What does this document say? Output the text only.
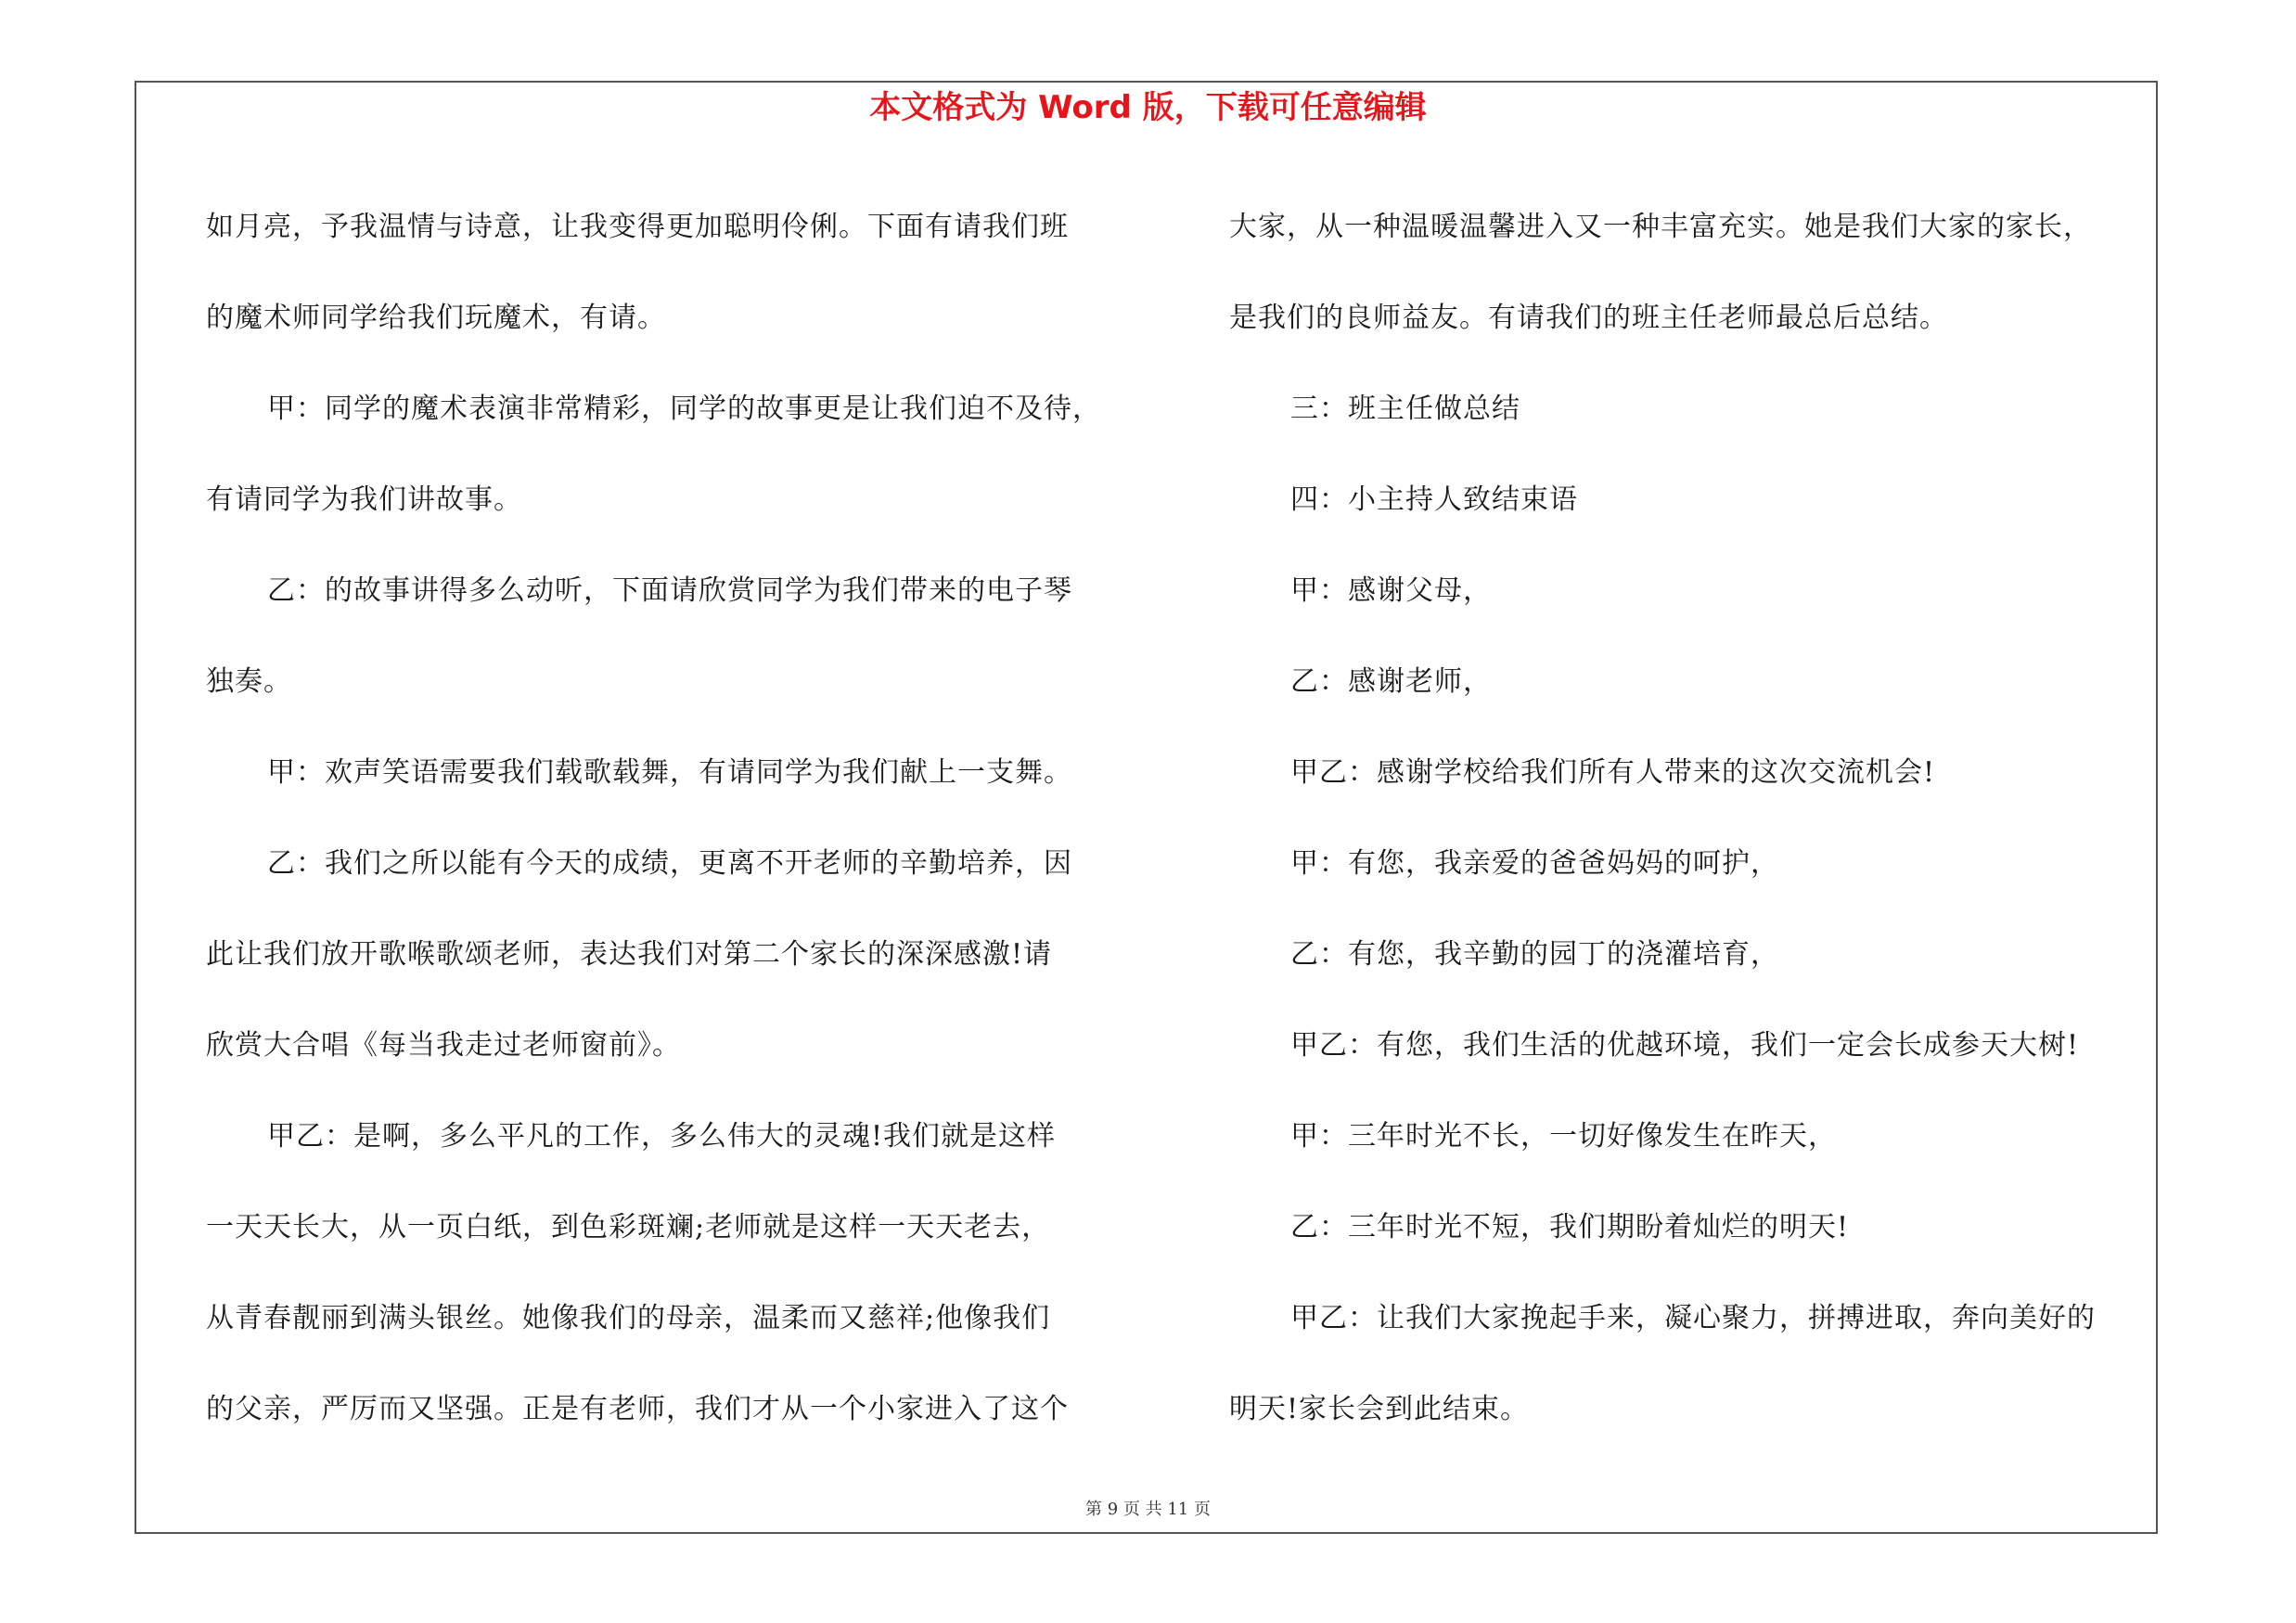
本文格式为 Word 版，下载可任意编辑

如月亮，予我温情与诗意，让我变得更加聪明伶俐。下面有请我们班

的魔术师同学给我们玩魔术，有请。

甲：同学的魔术表演非常精彩，同学的故事更是让我们迫不及待，

有请同学为我们讲故事。

乙：的故事讲得多么动听，下面请欣赏同学为我们带来的电子琴

独奏。

甲：欢声笑语需要我们载歌载舞，有请同学为我们献上一支舞。

乙：我们之所以能有今天的成绩，更离不开老师的辛勤培养，因

此让我们放开歌喉歌颂老师，表达我们对第二个家长的深深感激!请

欣赏大合唱《每当我走过老师窗前》。

甲乙：是啊，多么平凡的工作，多么伟大的灵魂!我们就是这样

一天天长大，从一页白纸，到色彩斑斓;老师就是这样一天天老去，

从青春靓丽到满头银丝。她像我们的母亲，温柔而又慈祥;他像我们

的父亲，严厉而又坚强。正是有老师，我们才从一个小家进入了这个

大家，从一种温暖温馨进入又一种丰富充实。她是我们大家的家长，

是我们的良师益友。有请我们的班主任老师最总后总结。

三：班主任做总结

四：小主持人致结束语

甲：感谢父母，

乙：感谢老师，

甲乙：感谢学校给我们所有人带来的这次交流机会!

甲：有您，我亲爱的爸爸妈妈的呵护，

乙：有您，我辛勤的园丁的浇灌培育，

甲乙：有您，我们生活的优越环境，我们一定会长成参天大树!

甲：三年时光不长，一切好像发生在昨天，

乙：三年时光不短，我们期盼着灿烂的明天!

甲乙：让我们大家挽起手来，凝心聚力，拼搏进取，奔向美好的

明天!家长会到此结束。

第 9 页 共 11 页
